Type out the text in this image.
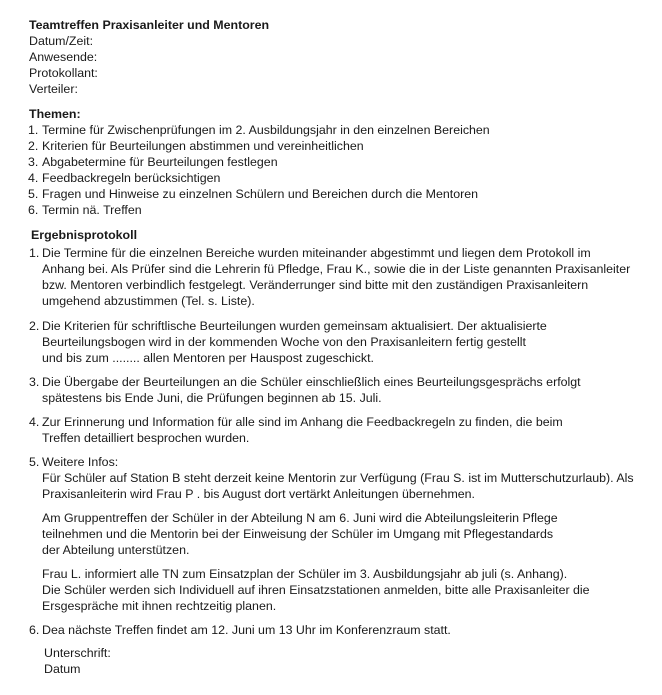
Teamtreffen Praxisanleiter und Mentoren
Datum/Zeit:
Anwesende:
Protokollant:
Verteiler:
Themen:
1. Termine für Zwischenprüfungen im 2. Ausbildungsjahr in den einzelnen Bereichen
2. Kriterien für Beurteilungen abstimmen und vereinheitlichen
3. Abgabetermine für Beurteilungen festlegen
4. Feedbackregeln berücksichtigen
5. Fragen und Hinweise zu einzelnen Schülern und Bereichen durch die Mentoren
6. Termin nä. Treffen
Ergebnisprotokoll
1. Die Termine für die einzelnen Bereiche wurden miteinander abgestimmt und liegen dem Protokoll im
Anhang bei. Als Prüfer sind die Lehrerin fü Pfledge, Frau K., sowie die in der Liste genannten Praxisanleiter
bzw. Mentoren verbindlich festgelegt. Veränderrunger sind bitte mit den zuständigen Praxisanleitern
umgehend abzustimmen (Tel. s. Liste).
2. Die Kriterien für schriftlische Beurteilungen wurden gemeinsam aktualisiert. Der aktualisierte
Beurteilungsbogen wird in der kommenden Woche von den Praxisanleitern fertig gestellt
und bis zum ........ allen Mentoren per Hauspost zugeschickt.
3. Die Übergabe der Beurteilungen an die Schüler einschließlich eines Beurteilungsgesprächs erfolgt
spätestens bis Ende Juni, die Prüfungen beginnen ab 15. Juli.
4. Zur Erinnerung und Information für alle sind im Anhang die Feedbackregeln zu finden, die beim
Treffen detailliert besprochen wurden.
5. Weitere Infos:
Für Schüler auf Station B steht derzeit keine Mentorin zur Verfügung (Frau S. ist im Mutterschutzurlaub). Als
Praxisanleiterin wird Frau P . bis August dort vertärkt Anleitungen übernehmen.
Am Gruppentreffen der Schüler in der Abteilung N am 6. Juni wird die Abteilungsleiterin Pflege
teilnehmen und die Mentorin bei der Einweisung der Schüler im Umgang mit Pflegestandards
der Abteilung unterstützen.
Frau L. informiert alle TN zum Einsatzplan der Schüler im 3. Ausbildungsjahr ab juli (s. Anhang).
Die Schüler werden sich Individuell auf ihren Einsatzstationen anmelden, bitte alle Praxisanleiter die
Ersgespräche mit ihnen rechtzeitig planen.
6. Dea nächste Treffen findet am 12. Juni um 13 Uhr im Konferenzraum statt.
Unterschrift:
Datum
